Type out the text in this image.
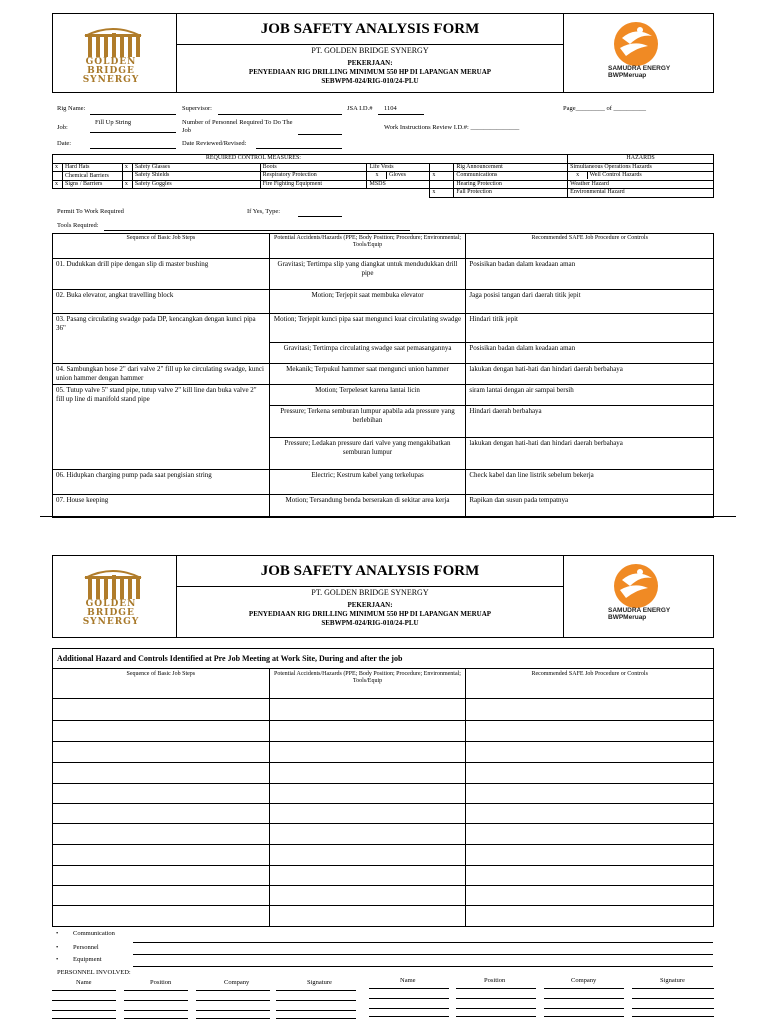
GOLDEN
BRIDGE
SYNERGY
JOB SAFETY ANALYSIS FORM
PT. GOLDEN BRIDGE SYNERGY
PEKERJAAN:
PENYEDIAAN RIG DRILLING MINIMUM 550 HP DI LAPANGAN MERUAP
SEBWPM-024/RIG-010/24-PLU
SAMUDRA ENERGY
BWPMeruap
Rig Name:	Supervisor:	JSA I.D.# 1104	Page_________ of __________
Job:
Fill Up String	Number of Personnel Required To Do The Job	Work Instructions Review I.D.#: _______________
Date:	Date Reviewed/Revised:
REQUIRED CONTROL MEASURES:								HAZARDS
x	Hard Hats	x	Safety Glasses	Boots	Life Vests		Rig Announcement	Simultaneous Operations Hazards
	Chemical Barriers		Safety Shields	Respiratory Protection	x Gloves	x	Communications	x Well Control Hazards
x	Signs / Barriers	x	Safety Goggles	Fire Fighting Equipment	MSDS		Hearing Protection	Weather Hazard
						x	Fall Protection	Environmental Hazard
Permit To Work Required	If Yes, Type:
Tools Required:
Sequence of Basic Job Steps	Potential Accidents/Hazards (PPE; Body Position; Procedure; Environmental; Tools/Equip	Recommended SAFE Job Procedure or Controls
01. Dudukkan drill pipe dengan slip di master bushing	Gravitasi; Tertimpa slip yang diangkat untuk mendudukkan drill pipe	Posisikan badan dalam keadaan aman
02. Buka elevator, angkat travelling block	Motion; Terjepit saat membuka elevator	Jaga posisi tangan dari daerah titik jepit
03. Pasang circulating swadge pada DP, kencangkan dengan kunci pipa 36"	Motion; Terjepit kunci pipa saat mengunci kuat circulating swadge	Hindari titik jepit
	Gravitasi; Tertimpa circulating swadge saat pemasangannya	Posisikan badan dalam keadaan aman
04. Sambungkan hose 2" dari valve 2" fill up ke circulating swadge, kunci union hammer dengan hammer	Mekanik; Terpukul hammer saat mengunci union hammer	lakukan dengan hati-hati dan hindari daerah berbahaya
05. Tutup valve 5" stand pipe, tutup valve 2" kill line dan buka valve 2" fill up line di manifold stand pipe	Motion; Terpeleset karena lantai licin	siram lantai dengan air sampai bersih
	Pressure; Terkena semburan lumpur apabila ada pressure yang berlebihan	Hindari daerah berbahaya
	Pressure; Ledakan pressure dari valve yang mengakibatkan semburan lumpur	lakukan dengan hati-hati dan hindari daerah berbahaya
06. Hidupkan charging pump pada saat pengisian string	Electric; Kestrum kabel yang terkelupas	Check kabel dan line listrik sebelum bekerja
07. House keeping	Motion; Tersandung benda berserakan di sekitar area kerja	Rapikan dan susun pada tempatnya
GOLDEN
BRIDGE
SYNERGY
JOB SAFETY ANALYSIS FORM
PT. GOLDEN BRIDGE SYNERGY
PEKERJAAN:
PENYEDIAAN RIG DRILLING MINIMUM 550 HP DI LAPANGAN MERUAP
SEBWPM-024/RIG-010/24-PLU
SAMUDRA ENERGY
BWPMeruap
Additional Hazard and Controls Identified at Pre Job Meeting at Work Site, During and after the job		
Sequence of Basic Job Steps	Potential Accidents/Hazards (PPE; Body Position; Procedure; Environmental; Tools/Equip	Recommended SAFE Job Procedure or Controls

• Communication
• Personnel
• Equipment
PERSONNEL INVOLVED:
Name	Position	Company	Signature	Name	Position	Company	Signature
